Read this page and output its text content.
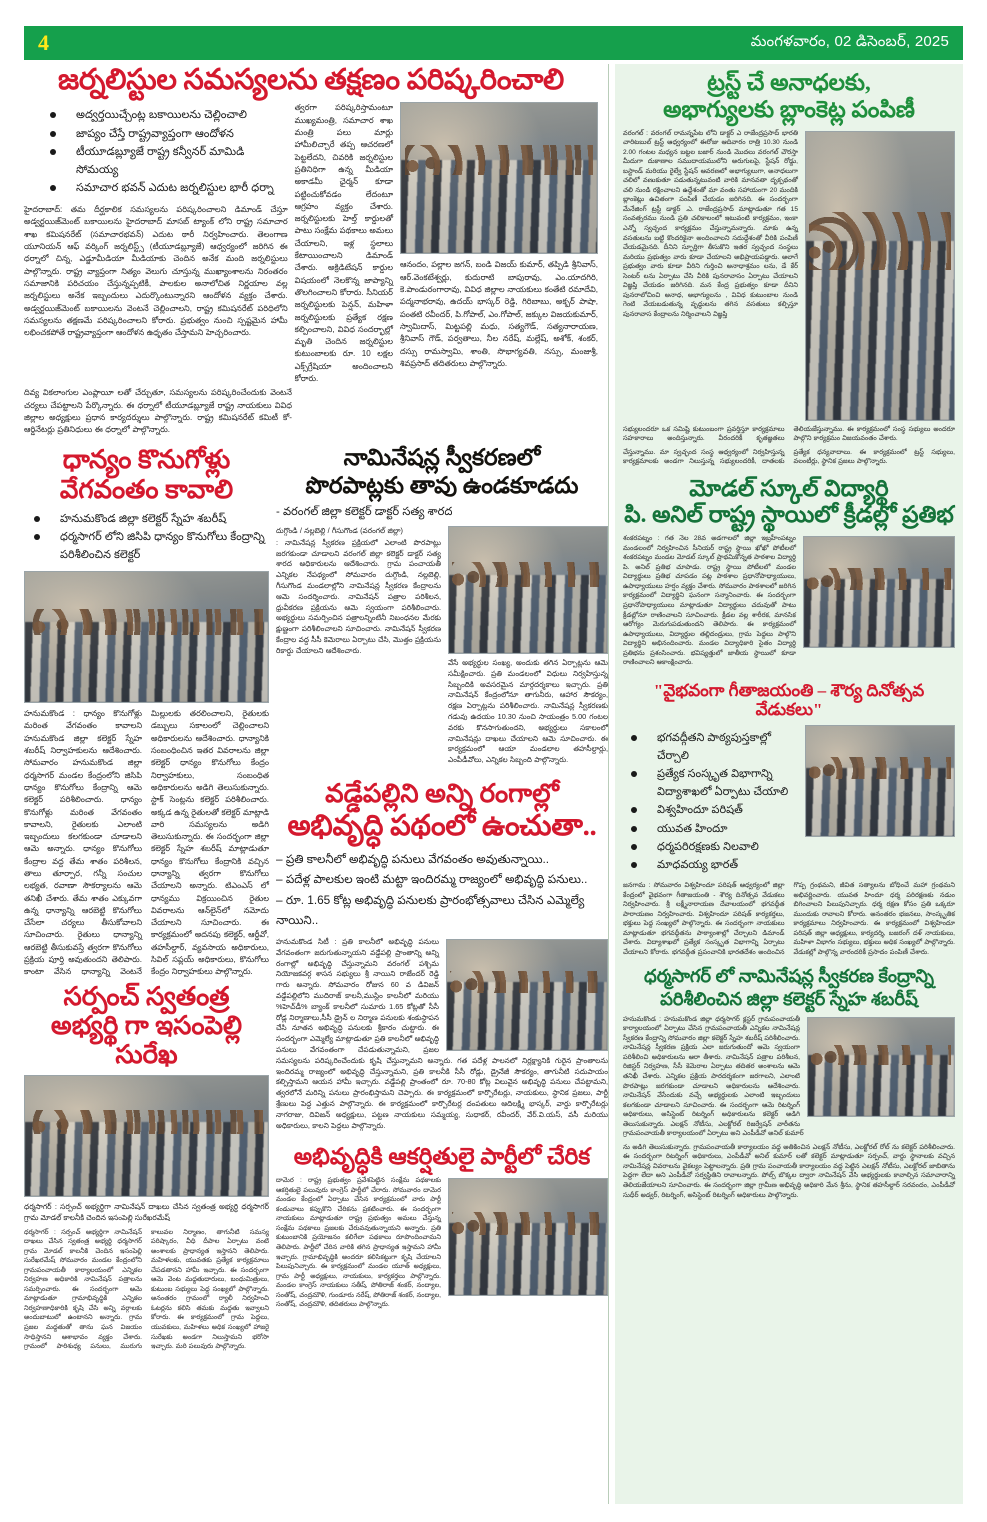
4	మంగళవారం, 02 డిసెంబర్, 2025
జర్నలిస్టుల సమస్యలను తక్షణం పరిష్కరించాలి
అద్వర్తయిచ్చేంట్ల బకాయిలను చెల్లించాలి
జాప్యం చేస్తే రాష్ట్రవ్యాప్తంగా ఆందోళన
టీయూడబ్ల్యూజే రాష్ట్ర కన్వీనర్ మామిడి సోమయ్య
సమాచార భవన్ ఎదుట జర్నలిస్టుల భారీ ధర్నా

హైదరాబాద్: తమ దీర్ఘకాలిక సమస్యలను పరిష్కరించాలని డిమాండ్ చేస్తూ అడ్వర్టయిజ్‌మెంట్ బకాయిలను హైదరాబాద్ మాసబ్ ట్యాంక్ లోని రాష్ట్ర సమాచార శాఖ కమిషనరేట్ (సమాచారభవన్) ఎదుట ఠారీ నిర్వహించారు. తెలంగాణ యూనియన్ ఆఫ్ వర్కింగ్ జర్నలిస్ట్స్ (టీయూడబ్ల్యూజే) ఆధ్వర్యంలో జరిగిన ఈ ధర్నాలో చిన్న, ఎడ్జూమీడియా మీడియాకు చెందిన అనేక మంది జర్నలిస్టులు పాల్గొన్నారు. రాష్ట్ర వ్యాప్తంగా నిత్యం వెలుగు చూస్తున్న ముఖ్యాంశాలను నిరంతరం సమాజానికి పరిచయం చేస్తున్నప్పటికీ, పాలకుల అనాలోచిత నిర్ణయాల వల్ల జర్నలిస్టులు అనేక ఇబ్బందులు ఎదుర్కొంటున్నారని ఆందోళన వ్యక్తం చేశారు. అడ్వర్టయిజ్‌మెంట్ బకాయిలను వెంటనే చెల్లించాలని, రాష్ట్ర కమిషనరేట్ పరిధిలోని సమస్యలను తక్షణమే పరిష్కరించాలని కోరారు. ప్రభుత్వం నుంచి స్పష్టమైన హామీ లభించకపోతే రాష్ట్రవ్యాప్తంగా ఆందోళన ఉధృతం చేస్తామని హెచ్చరించారు.

త్వరగా పరిష్కరిస్తామంటూ ముఖ్యమంత్రి, సమాచార శాఖ మంత్రి పలు మార్లు హామీలిచ్చారే తప్ప ఆచరణలో పెట్టలేదని, చివరికి జర్నలిస్టుల ప్రతినిధిగా ఉన్న మీడియా అకాడమీ ఛైర్మన్ కూడా పట్టించుకోవడం లేదంటూ ఆగ్రహం వ్యక్తం చేశారు. జర్నలిస్టులకు హెల్త్ కార్డులతో పాటు సంక్షేమ పథకాలు అమలు చేయాలని, ఇళ్ల స్థలాలు కేటాయించాలని డిమాండ్ చేశారు. అక్రిడిటేషన్ కార్డుల విషయంలో నెలకొన్న జాప్యాన్ని తొలగించాలని కోరారు. సీనియర్ జర్నలిస్టులకు పెన్షన్, మహిళా జర్నలిస్టులకు ప్రత్యేక రక్షణ కల్పించాలని, వివిధ సందర్భాల్లో మృతి చెందిన జర్నలిస్టుల కుటుంబాలకు రూ. 10 లక్షల ఎక్స్‌గ్రేషియా అందించాలని కోరారు.

ఆనందం, పల్లాల జగన్, బండి విజయ్ కుమార్, తప్పిడి శ్రీనివాస్, ఆర్.వెంకటేశ్వర్లు, కుదురాటి బాపురావు, ఎం.యాదగిరి, కె.పాండురంగారావు, వివిధ జిల్లాల నాయకులు కంతేటి రమాదేవి, పద్మనాభరావు, ఉదయ్ భాస్కర్ రెడ్డి, గిరిబాబు, అక్బర్ పాషా, పంతటి రవీందర్, పి.గోపాల్, ఎం.గోపాల్, జక్కుల విజయకుమార్, స్వామిదాస్, మిట్టపల్లి మధు, సత్యగౌడ్, సత్యనారాయణ, శ్రీనివాస్ గౌడ్, పర్వతాలు, నీల నరేష్, మల్లేష్, అశోక్, శంకర్, దస్సు రామస్వామి, శాంతి, సొభాగ్యవతి, నస్సు, మంజుశ్రీ, శివప్రసాద్ తదితరులు పాల్గొన్నారు.

దివ్య వికలాంగుల ఎంప్లాయీ లతో చేర్చుతూ, సమస్యలను పరిష్కరించేందుకు వెంటనే చర్యలు చేపట్టాలని పేర్కొన్నారు. ఈ ధర్నాలో టీయూడబ్ల్యూజే రాష్ట్ర నాయకులు వివిధ జిల్లాల అధ్యక్షులు ప్రధాన కార్యదర్శులు పాల్గొన్నారు. రాష్ట్ర కమిషనరేట్ కమిటీ కో-ఆర్డినేటర్లు ప్రతినిధులు ఈ ధర్నాలో పాల్గొన్నారు.

ధాన్యం కొనుగోళ్లు
వేగవంతం కావాలి
హనుమకొండ జిల్లా కలెక్టర్ స్నేహ శబరీష్
ధర్మసాగర్ లోని జిసిపి ధాన్యం కొనుగోలు కేంద్రాన్ని పరిశీలించిన కలెక్టర్

హనుమకొండ : ధాన్యం కొనుగోళ్లు మరింత వేగవంతం కావాలని హనుమకొండ జిల్లా కలెక్టర్ స్నేహ శబరీష్ నిర్వాహకులను ఆదేశించారు. సోమవారం హనుమకొండ జిల్లా ధర్మసాగర్ మండల కేంద్రంలోని జిసిపి ధాన్యం కొనుగోలు కేంద్రాన్ని ఆమె కలెక్టర్ పరిశీలించారు. ధాన్యం కొనుగోళ్లు మరింత వేగవంతం కావాలని, రైతులకు ఎలాంటి ఇబ్బందులు కలగకుండా చూడాలని ఆమె అన్నారు. ధాన్యం కొనుగోలు కేంద్రాల వద్ద తేమ శాతం పరిశీలన, తాలు తూర్పార, గన్నీ సంచుల లభ్యత, రవాణా సౌకర్యాలను ఆమె తనిఖీ చేశారు. తేమ శాతం ఎక్కువగా ఉన్న ధాన్యాన్ని ఆరబెట్టి కొనుగోలు చేసేలా చర్యలు తీసుకోవాలని సూచించారు. రైతులు ధాన్యాన్ని ఆరబెట్టి తీసుకువస్తే త్వరగా కొనుగోలు ప్రక్రియ పూర్తి అవుతుందని తెలిపారు. కాంటా వేసిన ధాన్యాన్ని వెంటనే మిల్లులకు తరలించాలని, రైతులకు డబ్బులు సకాలంలో చెల్లించాలని అధికారులను ఆదేశించారు. ధాన్యానికి సంబంధించిన ఇతర వివరాలను జిల్లా కలెక్టర్ ధాన్యం కొనుగోలు కేంద్రం నిర్వాహకులు, సంబంధిత అధికారులను అడిగి తెలుసుకున్నారు. స్టాక్ సెంట్లను కలెక్టర్ పరిశీలించారు. అక్కడ ఉన్న రైతులతో కలెక్టర్ మాట్లాడి వారి సమస్యలను అడిగి తెలుసుకున్నారు. ఈ సందర్భంగా జిల్లా కలెక్టర్ స్నేహ శబరీష్ మాట్లాడుతూ ధాన్యం కొనుగోలు కేంద్రానికి వచ్చిన ధాన్యాన్ని త్వరగా కొనుగోలు చేయాలని అన్నారు. టిఎంఎస్ లో ధాన్యము విక్రయించిన రైతుల వివరాలను ఆన్‌లైన్‌లో నమోదు చేయాలని సూచించారు. ఈ కార్యక్రమంలో అదనపు కలెక్టర్, ఆర్డీవో, తహసీల్దార్, వ్యవసాయ అధికారులు, సివిల్ సప్లయ్ అధికారులు, కొనుగోలు కేంద్రం నిర్వాహకులు పాల్గొన్నారు.

నామినేషన్ల స్వీకరణలో
పొరపాట్లకు తావు ఉండకూడదు
- వరంగల్ జిల్లా కలెక్టర్ డాక్టర్ సత్య శారద

దుగ్గొండి / నల్లబెల్లి / గీసుగొండ (వరంగల్ జిల్లా)

: నామినేషన్ల స్వీకరణ ప్రక్రియలో ఎలాంటి పొరపాట్లు జరగకుండా చూడాలని వరంగల్ జిల్లా కలెక్టర్ డాక్టర్ సత్య శారద అధికారులను ఆదేశించారు. గ్రామ పంచాయతీ ఎన్నికల నేపథ్యంలో సోమవారం దుగ్గొండి, నల్లబెల్లి, గీసుగొండ మండలాల్లోని నామినేషన్ల స్వీకరణ కేంద్రాలను ఆమె సందర్శించారు. నామినేషన్ పత్రాల పరిశీలన, ధ్రువీకరణ ప్రక్రియను ఆమె స్వయంగా పరిశీలించారు. అభ్యర్థులు సమర్పించిన పత్రాలన్నింటినీ నిబంధనల మేరకు క్షుణ్ణంగా పరిశీలించాలని సూచించారు. నామినేషన్ స్వీకరణ కేంద్రాల వద్ద సీసీ కెమెరాలు ఏర్పాటు చేసి, మొత్తం ప్రక్రియను రికార్డు చేయాలని ఆదేశించారు.

వేసే అభ్యర్థుల సంఖ్య, అందుకు తగిన ఏర్పాట్లను ఆమె సమీక్షించారు. ప్రతి మండలంలో విధులు నిర్వహిస్తున్న సిబ్బందికి అవసరమైన మార్గదర్శకాలు ఇచ్చారు. ప్రతి నామినేషన్ కేంద్రంలోనూ తాగునీరు, ఆహార సౌకర్యం, రక్షణ ఏర్పాట్లను పరిశీలించారు. నామినేషన్ల స్వీకరణకు గడువు ఉదయం 10.30 నుంచి సాయంత్రం 5.00 గంటల వరకు కొనసాగుతుందని, అభ్యర్థులు సకాలంలో నామినేషన్లు దాఖలు చేయాలని ఆమె సూచించారు. ఈ కార్యక్రమంలో ఆయా మండలాల తహసీల్దార్లు, ఎంపీడీవోలు, ఎన్నికల సిబ్బంది పాల్గొన్నారు.

వడ్డేపల్లిని అన్ని రంగాల్లో
అభివృద్ధి పథంలో ఉంచుతా..
– ప్రతి కాలనీలో అభివృద్ధి పనులు వేగవంతం అవుతున్నాయి..
– పదేళ్ల పాలకుల ఇంటి మట్టా ఇందిరమ్మ రాజ్యంలో అభివృద్ధి పనులు..
– రూ. 1.65 కోట్ల అభివృద్ధి పనులకు ప్రారంభోత్సవాలు చేసిన ఎమ్మెల్యే నాయిని..

హనుమకొండ సిటీ : ప్రతి కాలనీలో అభివృద్ధి పనులు వేగవంతంగా జరుగుతున్నాయని వడ్డేపల్లి ప్రాంతాన్ని అన్ని రంగాల్లో అభివృద్ధి చేస్తున్నామని వరంగల్ పశ్చిమ నియోజకవర్గ శాసన సభ్యులు శ్రీ నాయిని రాజేందర్ రెడ్డి గారు అన్నారు. సోమవారం రోజున 60 వ డివిజన్ వడ్డేపల్లిలోని ముదిరాజ్ కాలనీ,ముస్లిం కాలనీలో మరియు %హెచ్‌డీ% బ్యాంక్ కాలనీలో సుమారు 1.65 కోట్లతో సీసీ రోడ్ల నిర్మాణాలు,సీసీ డ్రైన్ ల నిర్మాణ పనులకు శంకుస్థాపన చేసి నూతన అభివృద్ధి పనులకు శ్రీకారం చుట్టారు. ఈ సందర్భంగా ఎమ్మెల్యే మాట్లాడుతూ ప్రతి కాలనీలో అభివృద్ధి పనులు వేగవంతంగా చేపడుతున్నామని, ప్రజల సమస్యలను పరిష్కరించేందుకు కృషి చేస్తున్నామని అన్నారు. గత పదేళ్ల పాలనలో నిర్లక్ష్యానికి గురైన ప్రాంతాలను ఇందిరమ్మ రాజ్యంలో అభివృద్ధి చేస్తున్నామని, ప్రతి కాలనీకి సీసీ రోడ్లు, డ్రైనేజీ సౌకర్యం, తాగునీటి సదుపాయం కల్పిస్తామని ఆయన హామీ ఇచ్చారు. వడ్డేపల్లి ప్రాంతంలో రూ. 70-80 కోట్ల విలువైన అభివృద్ధి పనులు చేపట్టామని, త్వరలోనే మరిన్ని పనులు ప్రారంభిస్తామని చెప్పారు. ఈ కార్యక్రమంలో కార్పొరేటర్లు, నాయకులు, స్థానిక ప్రజలు, పార్టీ శ్రేణులు పెద్ద ఎత్తున పాల్గొన్నారు. ఈ కార్యక్రమంలో కార్పొరేటర్ల దంపతులు ఆదిలక్ష్మి భాస్కర్, వార్డు కార్పొరేటర్లు నాగరాజు, దివిజన్ అధ్యక్షులు, పట్టణ నాయకులు సమ్మయ్య, సుధాకర్, రవీందర్, వేర్.వి.యస్, వసీ మరియు అధికారులు, కాలని పెద్దలు పాల్గొన్నారు.

అభివృద్ధికి ఆకర్షితులై పార్టీలో చేరిక

దామెర : రాష్ట్ర ప్రభుత్వం ప్రవేశపెట్టిన సంక్షేమ పథకాలకు ఆకర్షితులై పలువురు కాంగ్రెస్ పార్టీలో చేరారు. సోమవారం దామెర మండల కేంద్రంలో ఏర్పాటు చేసిన కార్యక్రమంలో వారు పార్టీ కండువాలు కప్పుకొని చేరికను ప్రకటించారు. ఈ సందర్భంగా నాయకులు మాట్లాడుతూ రాష్ట్ర ప్రభుత్వం అమలు చేస్తున్న సంక్షేమ పథకాలు ప్రజలకు చేరువవుతున్నాయని అన్నారు. ప్రతి కుటుంబానికి ప్రయోజనం కలిగేలా పథకాలు రూపొందించామని తెలిపారు. పార్టీలో చేరిన వారికి తగిన ప్రాధాన్యత ఇస్తామని హామీ ఇచ్చారు. గ్రామాభివృద్ధికి అందరూ కలిసికట్టుగా కృషి చేయాలని పిలుపునిచ్చారు. ఈ కార్యక్రమంలో మండల యూత్ అధ్యక్షులు, గ్రామ పార్టీ అధ్యక్షులు, నాయకులు, కార్యకర్తలు పాల్గొన్నారు. మండల కాంగ్రెస్ నాయకులు సతీష్, పోతిరాజ్ శంకర్, నంద్యాల, సంతోష్, చంద్రమౌళి, గుండూరు నరేష్, పోతిరాజ్ శంకర్, నంద్యాల, సంతోష్, చంద్రమౌళి, తదితరులు పాల్గొన్నారు.

సర్పంచ్ స్వతంత్ర
అభ్యర్థి గా ఇసంపెల్లి సురేఖ

ధర్మసాగర్ : సర్పంచ్ అభ్యర్థిగా నామినేషన్ దాఖలు చేసిన స్వతంత్ర అభ్యర్థి ధర్మసాగర్ గ్రామ మోడల్ కాలనీకి చెందిన ఇసంపెల్లి సురేఖరమేష్

ధర్మసాగర్ : సర్పంచ్ అభ్యర్థిగా నామినేషన్ దాఖలు చేసిన స్వతంత్ర అభ్యర్థి ధర్మసాగర్ గ్రామ మోడల్ కాలనీకి చెందిన ఇసంపెల్లి సురేఖరమేష్ సోమవారం మండల కేంద్రంలోని గ్రామపంచాయతీ కార్యాలయంలో ఎన్నికల నిర్వహణ అధికారికి నామినేషన్ పత్రాలను సమర్పించారు. ఈ సందర్భంగా ఆమె మాట్లాడుతూ గ్రామాభివృద్ధికి ఎన్నికల నిర్వహణాధికారికి కృషి చేసి అన్ని వర్గాలకు అందుబాటులో ఉంటానని అన్నారు. గ్రామ ప్రజల మద్దతుతో తాను ఘన విజయం సాధిస్తానని ఆశాభావం వ్యక్తం చేశారు. గ్రామంలో పారిశుధ్య పనులు, మురుగు కాలువల నిర్మాణం, తాగునీటి సమస్య పరిష్కారం, వీధి దీపాల ఏర్పాటు వంటి అంశాలకు ప్రాధాన్యత ఇస్తానని తెలిపారు. మహిళలకు, యువతకు ప్రత్యేక కార్యక్రమాలు చేపడతానని హామీ ఇచ్చారు. ఈ సందర్భంగా ఆమె వెంట మద్దతుదారులు, బంధుమిత్రులు, కుటుంబ సభ్యులు పెద్ద సంఖ్యలో పాల్గొన్నారు. అనంతరం గ్రామంలో ర్యాలీ నిర్వహించి ఓటర్లను కలిసి తమకు మద్దతు ఇవ్వాలని కోరారు. ఈ కార్యక్రమంలో గ్రామ పెద్దలు, యువకులు, మహిళలు అధిక సంఖ్యలో హాజరై సురేఖకు అండగా నిలుస్తామని భరోసా ఇచ్చారు. మరి పలువురు పాల్గొన్నారు.

ట్రస్ట్ చే అనాధలకు,
అభాగ్యులకు బ్లాంకెట్ల పంపిణీ

వరంగల్ : వరంగల్ రామన్నపేట లోని డాక్టర్ ఎ రాజేంద్రప్రసాద్ భారతి చారిటబుల్ ట్రస్ట్ ఆధ్వర్యంలో ఈరోజు ఆదివారం రాత్రి 10.30 నుండి 2.00 గంటల మధ్యన బట్టల బజార్ నుండి మొదలు వరంగల్ చౌరస్తా మీదుగా దుకాణాల సముదాయములోని అరుగులపై, స్టేషన్ రోడ్డు, బస్టాండ్ మరియు రైల్వే స్టేషన్ ఆవరణలో అభాగ్యులుగా, అనాధలుగా చలిలో వణుకుతూ పడుతున్నటువంటి వారికి మానవతా దృక్పథంతో చలి నుండి రక్షించాలని ఉద్దేశంతో మా వంతు సహాయంగా 20 మందికి బ్లాంకెట్లు ఉచితంగా పంపిణీ చేయడం జరిగినది. ఈ సందర్భంగా మేనేజింగ్ ట్రస్టీ డాక్టర్ .ఎ. రాజేంద్రప్రసాద్ మాట్లాడుతూ గత 15 సంవత్సరము నుండి ప్రతి చలికాలంలో ఇటువంటి కార్యక్రమం, ఇంకా ఎన్నో స్వచ్ఛంద కార్యక్రమం చేస్తున్నామన్నారు. మాకు ఉన్న వసతులను బట్టి కొందరికైనా అందించాలని సదుద్దేశంతో వీరికి పంపిణీ చేయడమైనది. దీనిని స్ఫూర్తిగా తీసుకొని ఇతర స్వచ్ఛంద సంస్థలు మరియు ప్రభుత్వం వారు కూడా చేయాలని అభిప్రాయపడ్డారు. అలాగే ప్రభుత్వం వారు కూడా వీరిని గుర్తించి అనాధాశ్రమం లను, డే కేర్ సెంటర్ లను ఏర్పాటు చేసి వీరికి పునరావాసం ఏర్పాటు చేయాలని విజ్ఞప్తి చేయడం జరిగినది. మన కేంద్ర ప్రభుత్వం కూడా దీనిని పునరాలోచించి అనాధ, అభాగ్యులను , వివిధ కుటుంబాల నుండి గెంటి వేయబడుతున్న వృద్ధులను తగిన వసతులు కల్పిస్తూ పునరావాస కేంద్రాలను నిర్మించాలని విజ్ఞప్తి

సభ్యులందరూ ఒక సమిష్టి కుటుంబంగా ప్రవర్తిస్తూ కార్యక్రమాలు సహకారాలు అందిస్తున్నారు. వీరందరికీ కృతజ్ఞతలు తెలియజేస్తున్నాము. ఈ కార్యక్రమంలో సంస్థ సభ్యులు అందరూ పాల్గొని కార్యక్రమం విజయవంతం చేశారు.

చేస్తున్నాము. మా స్వచ్ఛంద సంస్థ ఆధ్వర్యంలో నిర్వహిస్తున్న కార్యక్రమాలకు అండగా నిలుస్తున్న సభ్యులందరికీ, దాతలకు ప్రత్యేక ధన్యవాదాలు. ఈ కార్యక్రమంలో ట్రస్ట్ సభ్యులు, వలంటీర్లు, స్థానిక ప్రజలు పాల్గొన్నారు.

మోడల్ స్కూల్ విద్యార్థి
పి. అనిల్ రాష్ట్ర స్థాయిలో క్రీడల్లో ప్రతిభ

శంకరపట్నం : గత నెల 28వ అడగాలలో జిల్లా ఇబ్రహీంపట్నం మండలంలో నిర్వహించిన సీనియర్ రాష్ట్ర స్థాయి ఖోఖో పోటీలలో శంకరపట్నం మండల మోడల్ స్కూల్ ప్రాథమికోన్నత పాఠశాల విద్యార్థి పి. అనిల్ ప్రతిభ చూపాడు. రాష్ట్ర స్థాయి పోటీలలో మండల విద్యార్థులు ప్రతిభ చూపడం పట్ల పాఠశాల ప్రధానోపాధ్యాయులు, ఉపాధ్యాయులు హర్షం వ్యక్తం చేశారు. సోమవారం పాఠశాలలో జరిగిన కార్యక్రమంలో విద్యార్థిని ఘనంగా సన్మానించారు. ఈ సందర్భంగా ప్రధానోపాధ్యాయులు మాట్లాడుతూ విద్యార్థులు చదువుతో పాటు క్రీడల్లోనూ రాణించాలని సూచించారు. క్రీడల వల్ల శారీరక, మానసిక ఆరోగ్యం మెరుగుపడుతుందని తెలిపారు. ఈ కార్యక్రమంలో ఉపాధ్యాయులు, విద్యార్థుల తల్లిదండ్రులు, గ్రామ పెద్దలు పాల్గొని విద్యార్థిని అభినందించారు. మండల విద్యాధికారి సైతం విద్యార్థి ప్రతిభను ప్రశంసించారు. భవిష్యత్తులో జాతీయ స్థాయిలో కూడా రాణించాలని ఆకాంక్షించారు.

"వైభవంగా గీతాజయంతి – శౌర్య దినోత్సవ వేడుకలు"
భగవద్గీతని పాఠ్యపుస్తకాల్లో చేర్చాలి
ప్రత్యేక సంస్కృత విభాగాన్ని విద్యాశాఖలో ఏర్పాటు చేయాలి
విశ్వహిందూ పరిషత్
యువత హిందూ
ధర్మపరిరక్షణకు నిలవాలి
మాధవయ్య భారత్

జనగామ : సోమవారం విశ్వహిందూ పరిషత్ ఆధ్వర్యంలో జిల్లా కేంద్రంలో వైభవంగా గీతాజయంతి - శౌర్య దినోత్సవ వేడుకలు నిర్వహించారు. శ్రీ లక్ష్మీనారాయణ దేవాలయంలో భగవద్గీత పారాయణం నిర్వహించారు. విశ్వహిందూ పరిషత్ కార్యకర్తలు, భక్తులు పెద్ద సంఖ్యలో పాల్గొన్నారు. ఈ సందర్భంగా నాయకులు మాట్లాడుతూ భగవద్గీతను పాఠ్యాంశాల్లో చేర్చాలని డిమాండ్ చేశారు. విద్యాశాఖలో ప్రత్యేక సంస్కృత విభాగాన్ని ఏర్పాటు చేయాలని కోరారు. భగవద్గీత ప్రపంచానికి భారతదేశం అందించిన గొప్ప గ్రంథమని, జీవిత సత్యాలను బోధించే మహా గ్రంథమని అభివర్ణించారు. యువత హిందూ ధర్మ పరిరక్షణకు నడుం బిగించాలని పిలుపునిచ్చారు. ధర్మ రక్షణ కోసం ప్రతి ఒక్కరూ ముందుకు రావాలని కోరారు. అనంతరం భజనలు, సాంస్కృతిక కార్యక్రమాలు నిర్వహించారు. ఈ కార్యక్రమంలో విశ్వహిందూ పరిషత్ జిల్లా అధ్యక్షులు, కార్యదర్శి, బజరంగ్ దళ్ నాయకులు, మహిళా విభాగం సభ్యులు, భక్తులు అధిక సంఖ్యలో పాల్గొన్నారు. వేడుకల్లో పాల్గొన్న వారందరికీ ప్రసాదం పంపిణీ చేశారు.

ధర్మసాగర్ లో నామినేషన్ల స్వీకరణ కేంద్రాన్ని
పరిశీలించిన జిల్లా కలెక్టర్ స్నేహ శబరీష్

హనుమకొండ : హనుమకొండ జిల్లా ధర్మసాగర్ క్లస్టర్ గ్రామపంచాయతీ కార్యాలయంలో ఏర్పాటు చేసిన గ్రామపంచాయతీ ఎన్నికల నామినేషన్ల స్వీకరణ కేంద్రాన్ని సోమవారం జిల్లా కలెక్టర్ స్నేహ శబరీష్ పరిశీలించారు. నామినేషన్ల స్వీకరణ ప్రక్రియ ఎలా జరుగుతుందో ఆమె స్వయంగా పరిశీలించి అధికారులను ఆరా తీశారు. నామినేషన్ పత్రాల పరిశీలన, రిజిస్టర్ నిర్వహణ, సీసీ కెమెరాల ఏర్పాటు తదితర అంశాలను ఆమె తనిఖీ చేశారు. ఎన్నికల ప్రక్రియ పారదర్శకంగా జరగాలని, ఎలాంటి పొరపాట్లు జరగకుండా చూడాలని అధికారులను ఆదేశించారు. నామినేషన్ వేసేందుకు వచ్చే అభ్యర్థులకు ఎలాంటి ఇబ్బందులు కలగకుండా చూడాలని సూచించారు. ఈ సందర్భంగా ఆమె రిటర్నింగ్ అధికారులు, అసిస్టెంట్ రిటర్నింగ్ అధికారులను కలెక్టర్ అడిగి తెలుసుకున్నారు. ఎలక్షన్ నోటీసు, ఎలక్టోరల్ రిజర్వేషన్ వారీతను గ్రామపంచాయతీ కార్యాలయంలో ఏర్పాటు అని ఎంపీడీవో అనిల్ కుమార్

ను అడిగి తెలుసుకున్నారు. గ్రామపంచాయతీ కార్యాలయం వద్ద అతికించిన ఎలక్షన్ నోటీసు, ఎలక్టోరల్ రోల్ ను కలెక్టర్ పరిశీలించారు. ఈ సందర్భంగా రిటర్నింగ్ అధికారులు, ఎంపీడీవో అనిల్ కుమార్ లతో కలెక్టర్ మాట్లాడుతూ సర్పంచ్, వార్డు స్థానాలకు వచ్చిన నామినేషన్ల వివరాలను వైకల్యం పెట్టాలన్నారు. ప్రతి గ్రామ పంచాయతీ కార్యాలయం వద్ద పెట్టిన ఎలక్షన్ నోటీసు, ఎలక్టోరల్ జాబితాను పెద్దగా లేదా అని ఎంపీడీవో సర్వస్థితిని రావాలన్నారు. పోల్స్ బొక్కల ద్వారా నామినేషన్ వేసి అభ్యర్థులకు కావాల్సిన సమాచారాన్ని తెలియజేయాలని సూచించారు. ఈ సందర్భంగా జిల్లా గ్రామీణ అభివృద్ధి అధికారి మేన శ్రీను, స్థానిక తహసీల్దార్ సరవందం, ఎంపీడీవో సుధీర్ అడ్వర్, రిటర్నింగ్, అసిస్టెంట్ రిటర్నింగ్ అధికారులు పాల్గొన్నారు.
